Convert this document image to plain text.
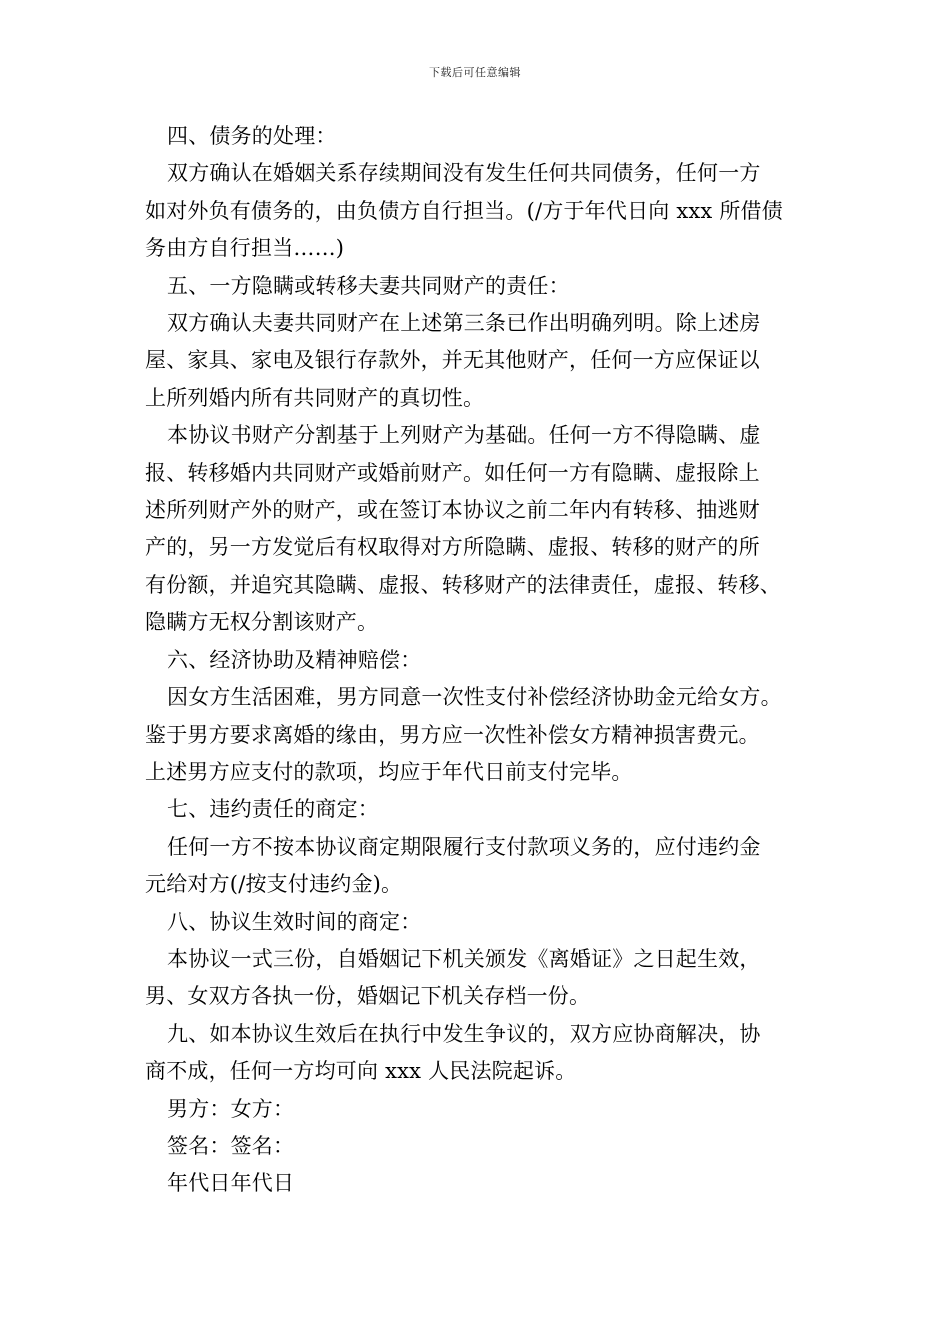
下载后可任意编辑
四、债务的处理：
双方确认在婚姻关系存续期间没有发生任何共同债务，任何一方
如对外负有债务的，由负债方自行担当。(/方于年代日向 xxx 所借债
务由方自行担当……)
五、一方隐瞒或转移夫妻共同财产的责任：
双方确认夫妻共同财产在上述第三条已作出明确列明。除上述房
屋、家具、家电及银行存款外，并无其他财产，任何一方应保证以
上所列婚内所有共同财产的真切性。
本协议书财产分割基于上列财产为基础。任何一方不得隐瞒、虚
报、转移婚内共同财产或婚前财产。如任何一方有隐瞒、虚报除上
述所列财产外的财产，或在签订本协议之前二年内有转移、抽逃财
产的，另一方发觉后有权取得对方所隐瞒、虚报、转移的财产的所
有份额，并追究其隐瞒、虚报、转移财产的法律责任，虚报、转移、
隐瞒方无权分割该财产。
六、经济协助及精神赔偿：
因女方生活困难，男方同意一次性支付补偿经济协助金元给女方。
鉴于男方要求离婚的缘由，男方应一次性补偿女方精神损害费元。
上述男方应支付的款项，均应于年代日前支付完毕。
七、违约责任的商定：
任何一方不按本协议商定期限履行支付款项义务的，应付违约金
元给对方(/按支付违约金)。
八、协议生效时间的商定：
本协议一式三份，自婚姻记下机关颁发《离婚证》之日起生效，
男、女双方各执一份，婚姻记下机关存档一份。
九、如本协议生效后在执行中发生争议的，双方应协商解决，协
商不成，任何一方均可向 xxx 人民法院起诉。
男方：女方：
签名：签名：
年代日年代日
